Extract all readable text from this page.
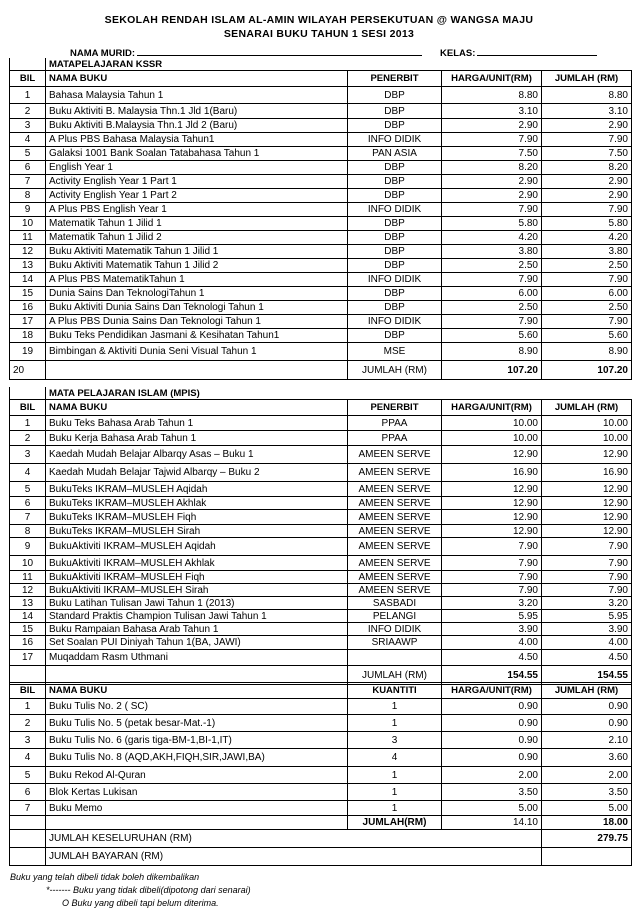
SEKOLAH RENDAH ISLAM AL-AMIN WILAYAH PERSEKUTUAN @ WANGSA MAJU
SENARAI BUKU TAHUN 1 SESI 2013
NAMA MURID:	KELAS:
	MATAPELAJARAN KSSR			
BIL	NAMA BUKU	PENERBIT	HARGA/UNIT(RM)	JUMLAH (RM)
1	Bahasa Malaysia Tahun 1	DBP	8.80	8.80
2	Buku Aktiviti B. Malaysia Thn.1 Jld 1(Baru)	DBP	3.10	3.10
3	Buku Aktiviti B.Malaysia Thn.1 Jld 2 (Baru)	DBP	2.90	2.90
4	A Plus PBS Bahasa Malaysia Tahun1	INFO DIDIK	7.90	7.90
5	Galaksi 1001 Bank Soalan Tatabahasa Tahun 1	PAN ASIA	7.50	7.50
6	English Year 1	DBP	8.20	8.20
7	Activity English Year 1 Part 1	DBP	2.90	2.90
8	Activity English Year 1 Part 2	DBP	2.90	2.90
9	A Plus PBS English Year 1	INFO DIDIK	7.90	7.90
10	Matematik Tahun 1 Jilid 1	DBP	5.80	5.80
11	Matematik Tahun 1 Jilid 2	DBP	4.20	4.20
12	Buku Aktiviti Matematik Tahun 1 Jilid 1	DBP	3.80	3.80
13	Buku Aktiviti Matematik Tahun 1 Jilid 2	DBP	2.50	2.50
14	A Plus PBS MatematikTahun 1	INFO DIDIK	7.90	7.90
15	Dunia Sains Dan TeknologiTahun 1	DBP	6.00	6.00
16	Buku Aktiviti Dunia Sains Dan Teknologi Tahun 1	DBP	2.50	2.50
17	A Plus PBS Dunia Sains Dan Teknologi Tahun 1	INFO DIDIK	7.90	7.90
18	Buku Teks Pendidikan Jasmani & Kesihatan Tahun1	DBP	5.60	5.60
19	Bimbingan & Aktiviti Dunia Seni Visual Tahun 1	MSE	8.90	8.90
20		JUMLAH (RM)	107.20	107.20
	MATA PELAJARAN ISLAM (MPIS)			
BIL	NAMA BUKU	PENERBIT	HARGA/UNIT(RM)	JUMLAH (RM)
1	Buku Teks Bahasa Arab Tahun 1	PPAA	10.00	10.00
2	Buku Kerja Bahasa Arab Tahun 1	PPAA	10.00	10.00
3	Kaedah Mudah Belajar Albarqy Asas – Buku 1	AMEEN SERVE	12.90	12.90
4	Kaedah Mudah Belajar Tajwid Albarqy – Buku 2	AMEEN SERVE	16.90	16.90
5	BukuTeks IKRAM–MUSLEH Aqidah	AMEEN SERVE	12.90	12.90
6	BukuTeks IKRAM–MUSLEH Akhlak	AMEEN SERVE	12.90	12.90
7	BukuTeks IKRAM–MUSLEH Fiqh	AMEEN SERVE	12.90	12.90
8	BukuTeks IKRAM–MUSLEH Sirah	AMEEN SERVE	12.90	12.90
9	BukuAktiviti IKRAM–MUSLEH Aqidah	AMEEN SERVE	7.90	7.90
10	BukuAktiviti IKRAM–MUSLEH Akhlak	AMEEN SERVE	7.90	7.90
11	BukuAktiviti IKRAM–MUSLEH Fiqh	AMEEN SERVE	7.90	7.90
12	BukuAktiviti IKRAM–MUSLEH Sirah	AMEEN SERVE	7.90	7.90
13	Buku Latihan Tulisan Jawi Tahun 1 (2013)	SASBADI	3.20	3.20
14	Standard Praktis Champion Tulisan Jawi Tahun 1	PELANGI	5.95	5.95
15	Buku Rampaian Bahasa Arab Tahun 1	INFO DIDIK	3.90	3.90
16	Set Soalan PUI Diniyah Tahun 1(BA, JAWI)	SRIAAWP	4.00	4.00
17	Muqaddam Rasm Uthmani		4.50	4.50
		JUMLAH (RM)	154.55	154.55
BIL	NAMA BUKU	KUANTITI	HARGA/UNIT(RM)	JUMLAH (RM)
1	Buku Tulis No. 2 ( SC)	1	0.90	0.90
2	Buku Tulis No. 5 (petak besar-Mat.-1)	1	0.90	0.90
3	Buku Tulis No. 6 (garis tiga-BM-1,BI-1,IT)	3	0.90	2.10
4	Buku Tulis No. 8 (AQD,AKH,FIQH,SIR,JAWI,BA)	4	0.90	3.60
5	Buku Rekod Al-Quran	1	2.00	2.00
6	Blok Kertas Lukisan	1	3.50	3.50
7	Buku Memo	1	5.00	5.00
		JUMLAH(RM)	14.10	18.00
	JUMLAH KESELURUHAN (RM)			279.75
	JUMLAH BAYARAN (RM)			
Buku yang telah dibeli tidak boleh dikembalikan
*------- Buku yang tidak dibeli(dipotong dari senarai)
O Buku yang dibeli tapi belum diterima.
